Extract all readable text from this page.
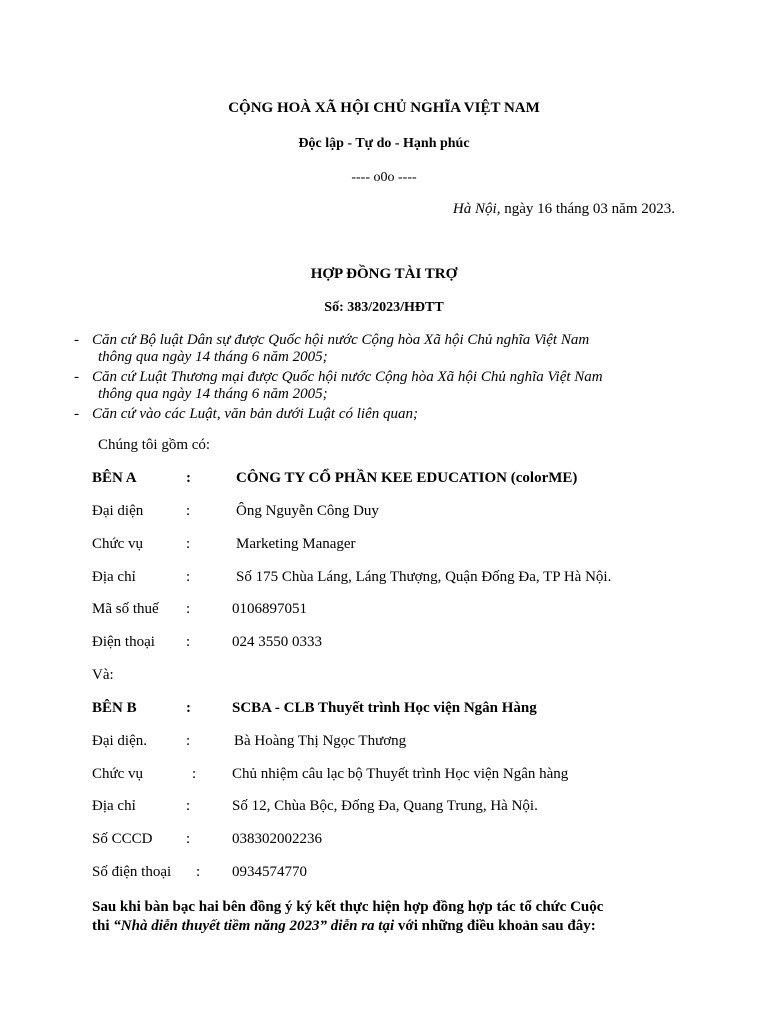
CỘNG HOÀ XÃ HỘI CHỦ NGHĨA VIỆT NAM
Độc lập - Tự do - Hạnh phúc
---- o0o ----
Hà Nội, ngày 16 tháng 03 năm 2023.
HỢP ĐỒNG TÀI TRỢ
Số: 383/2023/HĐTT
- Căn cứ Bộ luật Dân sự được Quốc hội nước Cộng hòa Xã hội Chủ nghĩa Việt Nam
thông qua ngày 14 tháng 6 năm 2005;
- Căn cứ Luật Thương mại được Quốc hội nước Cộng hòa Xã hội Chủ nghĩa Việt Nam
thông qua ngày 14 tháng 6 năm 2005;
- Căn cứ vào các Luật, văn bản dưới Luật có liên quan;
Chúng tôi gồm có:
BÊN A	:	CÔNG TY CỔ PHẦN KEE EDUCATION (colorME)
Đại diện	:	Ông Nguyễn Công Duy
Chức vụ	:	Marketing Manager
Địa chỉ	:	Số 175 Chùa Láng, Láng Thượng, Quận Đống Đa, TP Hà Nội.
Mã số thuế :	0106897051
Điện thoại :	024 3550 0333
Và:
BÊN B	:	SCBA - CLB Thuyết trình Học viện Ngân Hàng
Đại diện.	:	Bà Hoàng Thị Ngọc Thương
Chức vụ	: Chủ nhiệm câu lạc bộ Thuyết trình Học viện Ngân hàng
Địa chỉ	:	Số 12, Chùa Bộc, Đống Đa, Quang Trung, Hà Nội.
Số CCCD :	038302002236
Số điện thoại : 0934574770
Sau khi bàn bạc hai bên đồng ý ký kết thực hiện hợp đồng hợp tác tổ chức Cuộc
thi “Nhà diễn thuyết tiềm năng 2023” diễn ra tại với những điều khoản sau đây:
